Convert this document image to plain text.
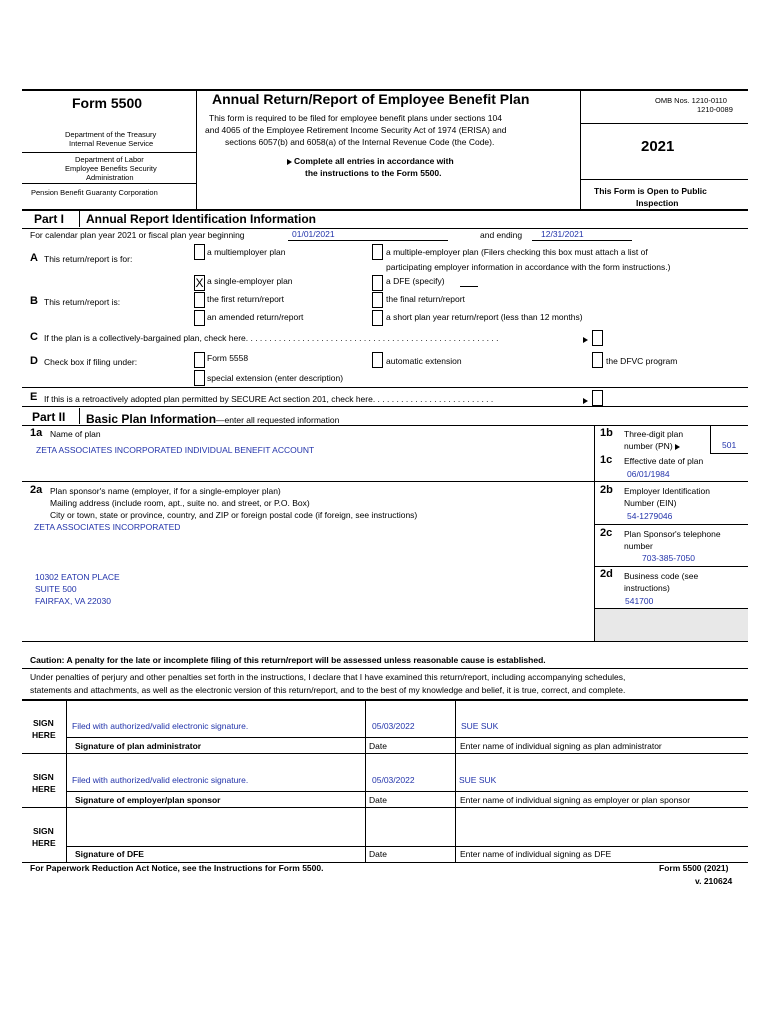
Form 5500
Department of the Treasury
Internal Revenue Service
Department of Labor
Employee Benefits Security
Administration
Pension Benefit Guaranty Corporation
Annual Return/Report of Employee Benefit Plan
This form is required to be filed for employee benefit plans under sections 104
and 4065 of the Employee Retirement Income Security Act of 1974 (ERISA) and
sections 6057(b) and 6058(a) of the Internal Revenue Code (the Code).
Complete all entries in accordance with
the instructions to the Form 5500.
OMB Nos. 1210-0110
1210-0089
2021
This Form is Open to Public
Inspection
Part I Annual Report Identification Information
For calendar plan year 2021 or fiscal plan year beginning	01/01/2021	and ending 12/31/2021
A This return/report is for:
a multiemployer plan	a multiple-employer plan (Filers checking this box must attach a list of
participating employer information in accordance with the form instructions.)
X a single-employer plan	a DFE (specify)
B This return/report is:	the first return/report	the final return/report
an amended return/report	a short plan year return/report (less than 12 months)
C If the plan is a collectively-bargained plan, check here. . . . . . . . . . . . . . . . . . . . . . . . . . . . . . . . . . . . . . . . . . . . . . . . . . . . . .
D Check box if filing under:	Form 5558	automatic extension	the DFVC program
special extension (enter description)
E If this is a retroactively adopted plan permitted by SECURE Act section 201, check here. . . . . . . . . . . . . . . . . . . . . . . . . .
Part II Basic Plan Information—enter all requested information
1a Name of plan
ZETA ASSOCIATES INCORPORATED INDIVIDUAL BENEFIT ACCOUNT
1b Three-digit plan
number (PN)	501
1c Effective date of plan
06/01/1984
2a Plan sponsor's name (employer, if for a single-employer plan)
Mailing address (include room, apt., suite no. and street, or P.O. Box)
City or town, state or province, country, and ZIP or foreign postal code (if foreign, see instructions)
ZETA ASSOCIATES INCORPORATED
10302 EATON PLACE
SUITE 500
FAIRFAX, VA 22030
2b Employer Identification
Number (EIN)
54-1279046
2c Plan Sponsor's telephone
number
703-385-7050
2d Business code (see
instructions)
541700
Caution: A penalty for the late or incomplete filing of this return/report will be assessed unless reasonable cause is established.
Under penalties of perjury and other penalties set forth in the instructions, I declare that I have examined this return/report, including accompanying schedules,
statements and attachments, as well as the electronic version of this return/report, and to the best of my knowledge and belief, it is true, correct, and complete.
SIGN
HERE
Filed with authorized/valid electronic signature.	05/03/2022	SUE SUK
Signature of plan administrator	Date	Enter name of individual signing as plan administrator
SIGN
HERE
Filed with authorized/valid electronic signature.	05/03/2022	SUE SUK
Signature of employer/plan sponsor	Date	Enter name of individual signing as employer or plan sponsor
SIGN
HERE
Signature of DFE	Date	Enter name of individual signing as DFE
For Paperwork Reduction Act Notice, see the Instructions for Form 5500.	Form 5500 (2021)
v. 210624
